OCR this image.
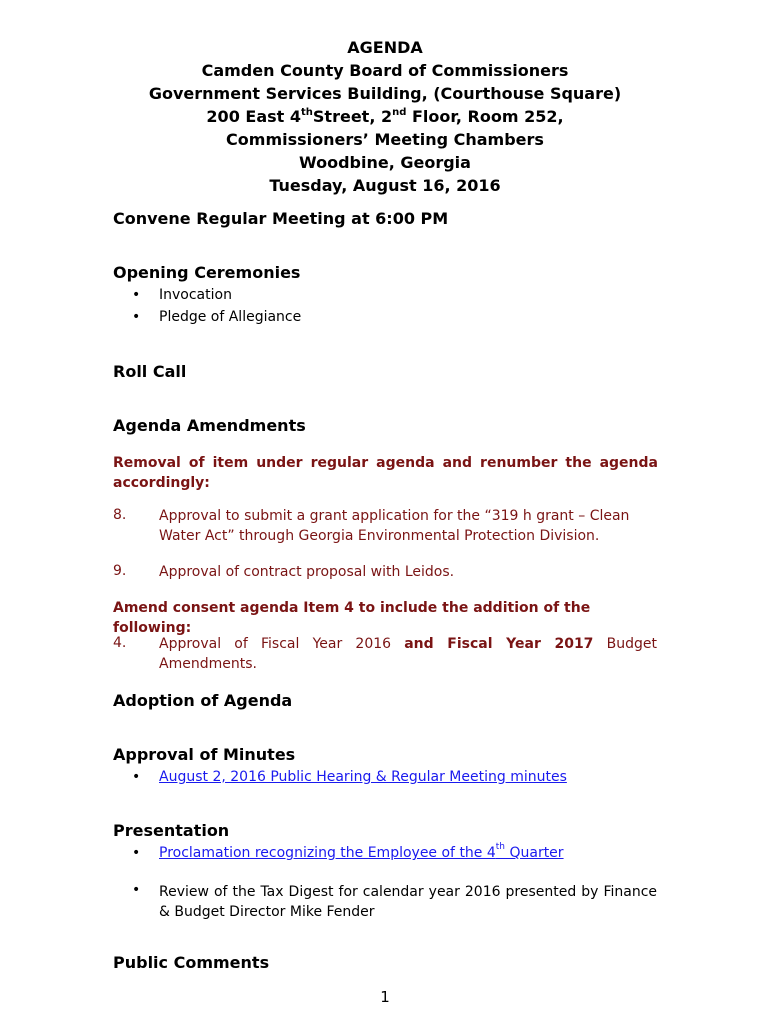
AGENDA
Camden County Board of Commissioners
Government Services Building, (Courthouse Square)
200 East 4thStreet, 2nd Floor, Room 252,
Commissioners’ Meeting Chambers
Woodbine, Georgia
Tuesday, August 16, 2016
Convene Regular Meeting at 6:00 PM
Opening Ceremonies
• Invocation
• Pledge of Allegiance
Roll Call
Agenda Amendments
Removal of item under regular agenda and renumber the agenda accordingly:
8. Approval to submit a grant application for the “319 h grant – Clean Water Act” through Georgia Environmental Protection Division.
9. Approval of contract proposal with Leidos.
Amend consent agenda Item 4 to include the addition of the following:
4. Approval of Fiscal Year 2016 and Fiscal Year 2017 Budget Amendments.
Adoption of Agenda
Approval of Minutes
• August 2, 2016 Public Hearing & Regular Meeting minutes
Presentation
• Proclamation recognizing the Employee of the 4th Quarter
• Review of the Tax Digest for calendar year 2016 presented by Finance & Budget Director Mike Fender
Public Comments
1
